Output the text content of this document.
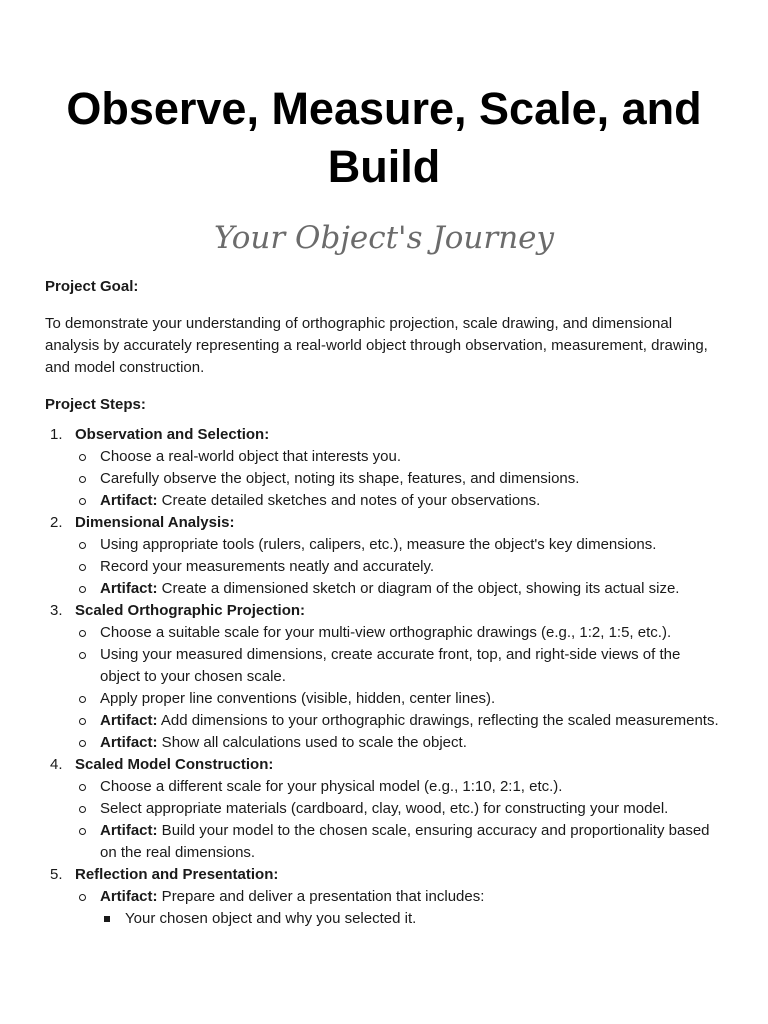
Observe, Measure, Scale, and Build

Your Object's Journey

Project Goal:

To demonstrate your understanding of orthographic projection, scale drawing, and dimensional analysis by accurately representing a real-world object through observation, measurement, drawing, and model construction.

Project Steps:

1. Observation and Selection:
Choose a real-world object that interests you.
Carefully observe the object, noting its shape, features, and dimensions.
Artifact: Create detailed sketches and notes of your observations.
2. Dimensional Analysis:
Using appropriate tools (rulers, calipers, etc.), measure the object's key dimensions.
Record your measurements neatly and accurately.
Artifact: Create a dimensioned sketch or diagram of the object, showing its actual size.
3. Scaled Orthographic Projection:
Choose a suitable scale for your multi-view orthographic drawings (e.g., 1:2, 1:5, etc.).
Using your measured dimensions, create accurate front, top, and right-side views of the object to your chosen scale.
Apply proper line conventions (visible, hidden, center lines).
Artifact: Add dimensions to your orthographic drawings, reflecting the scaled measurements.
Artifact: Show all calculations used to scale the object.
4. Scaled Model Construction:
Choose a different scale for your physical model (e.g., 1:10, 2:1, etc.).
Select appropriate materials (cardboard, clay, wood, etc.) for constructing your model.
Artifact: Build your model to the chosen scale, ensuring accuracy and proportionality based on the real dimensions.
5. Reflection and Presentation:
Artifact: Prepare and deliver a presentation that includes:
Your chosen object and why you selected it.
